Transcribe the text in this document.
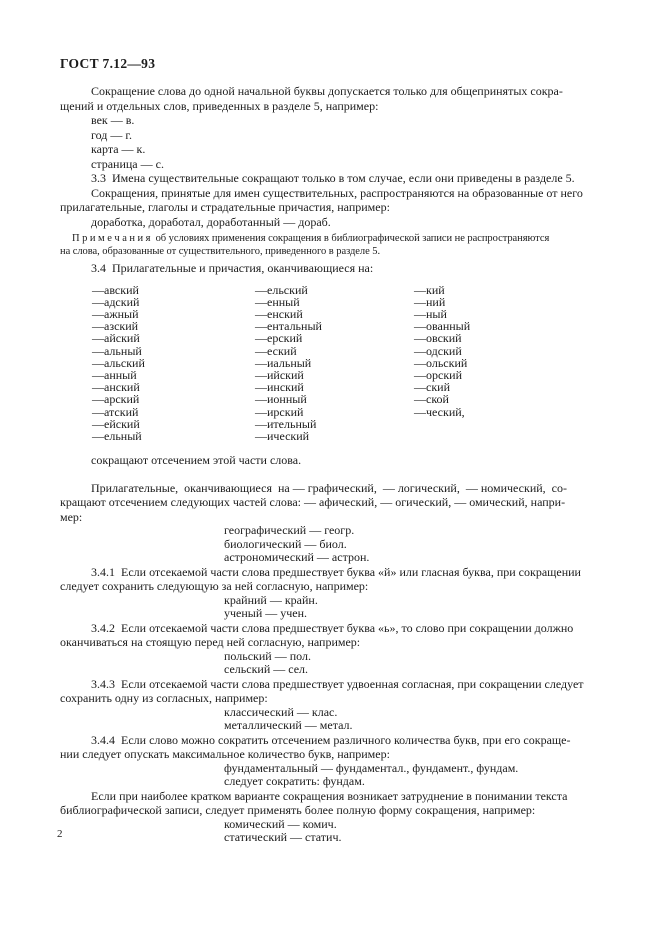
ГОСТ 7.12—93
Сокращение слова до одной начальной буквы допускается только для общепринятых сокра-
щений и отдельных слов, приведенных в разделе 5, например:
век — в.
год — г.
карта — к.
страница — с.
3.3  Имена существительные сокращают только в том случае, если они приведены в разделе 5.
Сокращения, принятые для имен существительных, распространяются на образованные от него
прилагательные, глаголы и страдательные причастия, например:
доработка, доработал, доработанный — дораб.
П р и м е ч а н и я  об условиях применения сокращения в библиографической записи не распространяются
на слова, образованные от существительного, приведенного в разделе 5.
3.4  Прилагательные и причастия, оканчивающиеся на:
—авский
—адский
—ажный
—азский
—айский
—альный
—альский
—анный
—анский
—арский
—атский
—ейский
—ельный
—ельский
—енный
—енский
—ентальный
—ерский
—еский
—иальный
—ийский
—инский
—ионный
—ирский
—ительный
—ический
—кий
—ний
—ный
—ованный
—овский
—одский
—ольский
—орский
—ский
—ской
—ческий,
сокращают отсечением этой части слова.
Прилагательные,  оканчивающиеся  на — графический,  — логический,  — номический,  со-
кращают отсечением следующих частей слова: — афический, — огический, — омический, напри-
мер:
географический — геогр.
биологический — биол.
астрономический — астрон.
3.4.1  Если отсекаемой части слова предшествует буква «й» или гласная буква, при сокращении
следует сохранить следующую за ней согласную, например:
крайний — крайн.
ученый — учен.
3.4.2  Если отсекаемой части слова предшествует буква «ь», то слово при сокращении должно
оканчиваться на стоящую перед ней согласную, например:
польский — пол.
сельский — сел.
3.4.3  Если отсекаемой части слова предшествует удвоенная согласная, при сокращении следует
сохранить одну из согласных, например:
классический — клас.
металлический — метал.
3.4.4  Если слово можно сократить отсечением различного количества букв, при его сокраще-
нии следует опускать максимальное количество букв, например:
фундаментальный — фундаментал., фундамент., фундам.
следует сократить: фундам.
Если при наиболее кратком варианте сокращения возникает затруднение в понимании текста
библиографической записи, следует применять более полную форму сокращения, например:
комический — комич.
статический — статич.
2
